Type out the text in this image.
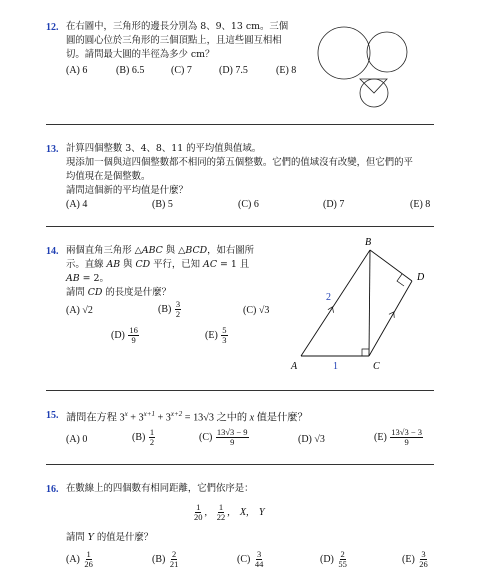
12. 在右圖中，三角形的邊長分別為 8、9、13 cm。三個
圓的圓心位於三角形的三個頂點上，且這些圓互相相
切。請問最大圓的半徑為多少 cm？
(A) 6	(B) 6.5	(C) 7	(D) 7.5	(E) 8
13. 計算四個整數 3、4、8、11 的平均值與值域。
現添加一個與這四個整數都不相同的第五個整數。它們的值域沒有改變，但它們的平
均值現在是個整數。
請問這個新的平均值是什麼？
(A) 4	(B) 5	(C) 6	(D) 7	(E) 8
14. 兩個直角三角形 △ABC 與 △BCD，如右圖所
示。直線 AB 與 CD 平行，已知 AC = 1 且
AB = 2。
請問 CD 的長度是什麼？
(A) √2	$(B) \frac{3}{2}$	(C) √3
$(D) \frac{16}{9}$	$(E) \frac{5}{3}$
B
D
A	C
2
1
15. 請問在方程 $3^x + 3^{x+1} + 3^{x+2} = 13√3$ 之中的 x 值是什麼？
(A) 0	$(B) \frac{1}{2}$	$(C) \frac{13√3 - 9}{9}$	(D) √3	$(E) \frac{13√3 - 3}{9}$
16. 在數線上的四個數有相同距離，它們依序是：
$\frac{1}{20}$ , $\frac{1}{22}$ , X, Y
請問 Y 的值是什麼？
$(A) \frac{1}{26}$	$(B) \frac{2}{21}$	$(C) \frac{3}{44}$	$(D) \frac{2}{55}$	$(E) \frac{3}{26}$
